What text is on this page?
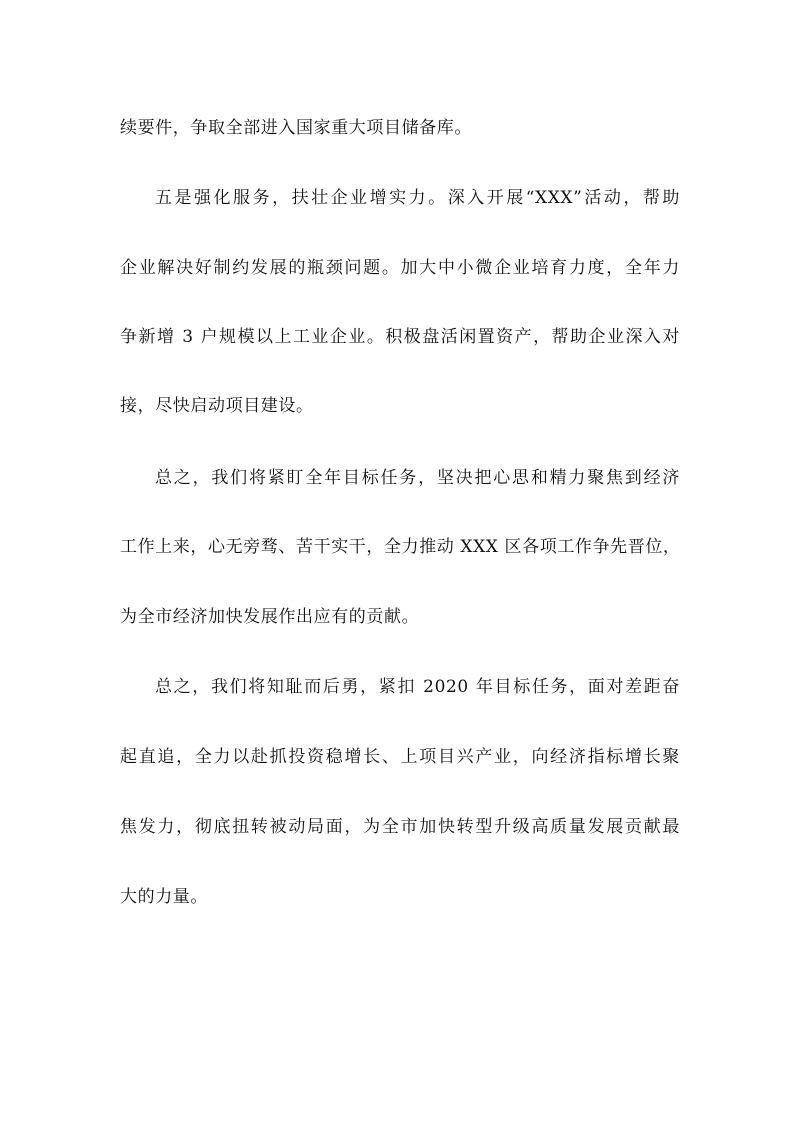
续要件，争取全部进入国家重大项目储备库。
五是强化服务，扶壮企业增实力。深入开展“XXX”活动，帮助
企业解决好制约发展的瓶颈问题。加大中小微企业培育力度，全年力
争新增 3 户规模以上工业企业。积极盘活闲置资产，帮助企业深入对
接，尽快启动项目建设。
总之，我们将紧盯全年目标任务，坚决把心思和精力聚焦到经济
工作上来，心无旁骛、苦干实干，全力推动 XXX 区各项工作争先晋位，
为全市经济加快发展作出应有的贡献。
总之，我们将知耻而后勇，紧扣 2020 年目标任务，面对差距奋
起直追，全力以赴抓投资稳增长、上项目兴产业，向经济指标增长聚
焦发力，彻底扭转被动局面，为全市加快转型升级高质量发展贡献最
大的力量。
